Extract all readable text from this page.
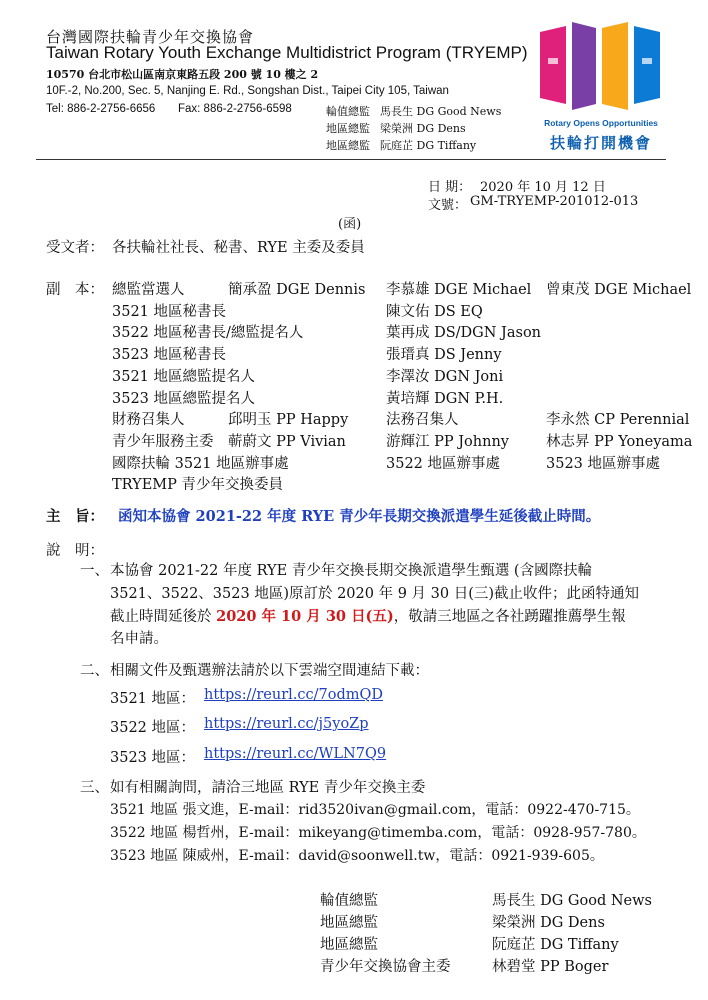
台灣國際扶輪青少年交換協會
Taiwan Rotary Youth Exchange Multidistrict Program (TRYEMP)
10570 台北市松山區南京東路五段 200 號 10 樓之 2
10F.-2, No.200, Sec. 5, Nanjing E. Rd., Songshan Dist., Taipei City 105, Taiwan
Tel: 886-2-2756-6656 Fax: 886-2-2756-6598	輪值總監 馬長生 DG Good News
地區總監 梁榮洲 DG Dens
地區總監 阮庭芷 DG Tiffany
Rotary Opens Opportunities
扶輪打開機會
日 期： 2020 年 10 月 12 日
文號： GM-TRYEMP-201012-013
(函)
受文者： 各扶輪社社長、秘書、RYE 主委及委員
副　本： 總監當選人	簡承盈 DGE Dennis 李慕雄 DGE Michael 曾東茂 DGE Michael
3521 地區秘書長	陳文佑 DS EQ
3522 地區秘書長/總監提名人	葉再成 DS/DGN Jason
3523 地區秘書長	張瑨真 DS Jenny
3521 地區總監提名人	李澤汝 DGN Joni
3523 地區總監提名人	黃培輝 DGN P.H.
財務召集人	邱明玉 PP Happy	法務召集人	李永然 CP Perennial
青少年服務主委 蕲蔚文 PP Vivian	游輝江 PP Johnny	林志昇 PP Yoneyama
國際扶輪 3521 地區辦事處	3522 地區辦事處	3523 地區辦事處
TRYEMP 青少年交換委員
主　旨： 函知本協會 2021-22 年度 RYE 青少年長期交換派遣學生延後截止時間。
說　明：
一、 本協會 2021-22 年度 RYE 青少年交換長期交換派遣學生甄選 (含國際扶輪
3521、3522、3523 地區)原訂於 2020 年 9 月 30 日(三)截止收件；此函特通知
截止時間延後於 2020 年 10 月 30 日(五)，敬請三地區之各社踴躍推薦學生報
名申請。
二、 相關文件及甄選辦法請於以下雲端空間連結下載：
3521 地區： https://reurl.cc/7odmQD
3522 地區： https://reurl.cc/j5yoZp
3523 地區： https://reurl.cc/WLN7Q9
三、 如有相關詢問，請洽三地區 RYE 青少年交換主委
3521 地區 張文進，E-mail：rid3520ivan@gmail.com，電話：0922-470-715。
3522 地區 楊哲州，E-mail：mikeyang@timemba.com，電話：0928-957-780。
3523 地區 陳威州，E-mail：david@soonwell.tw，電話：0921-939-605。
輪值總監	馬長生 DG Good News
地區總監	梁榮洲 DG Dens
地區總監	阮庭芷 DG Tiffany
青少年交換協會主委	林碧堂 PP Boger
